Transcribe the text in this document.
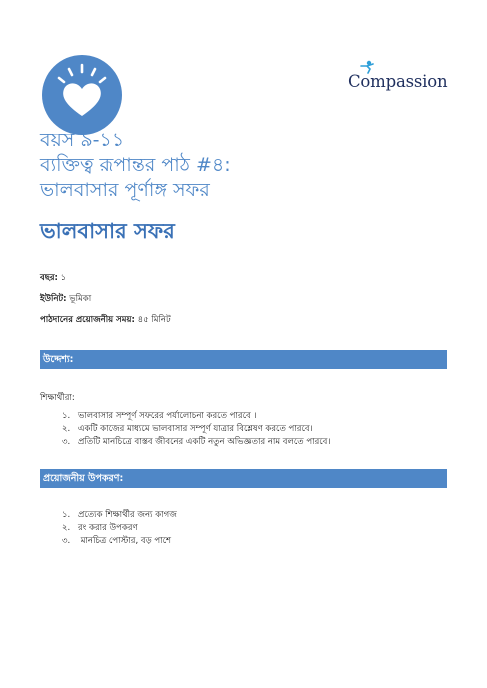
Compassion
বয়স ৯-১১
ব্যক্তিত্ব রূপান্তর পাঠ #৪:
ভালবাসার পূর্ণাঙ্গ সফর
ভালবাসার সফর
বছর: ১
ইউনিট: ভূমিকা
পাঠদানের প্রয়োজনীয় সময়: ৪৫ মিনিট
উদ্দেশ্য:
শিক্ষার্থীরা:
১. ভালবাসার সম্পূর্ণ সফরের পর্যালোচনা করতে পারবে ।
২. একটি কাজের মাধ্যমে ভালবাসার সম্পূর্ণ যাত্রার বিশ্লেষণ করতে পারবে।
৩. প্রতিটি মানচিত্রে বাস্তব জীবনের একটি নতুন অভিজ্ঞতার নাম বলতে পারবে।
প্রয়োজনীয় উপকরণ:
১. প্রত্যেক শিক্ষার্থীর জন্য কাগজ
২. রং করার উপকরণ
৩. মানচিত্র পোস্টার, বড় পাশে
